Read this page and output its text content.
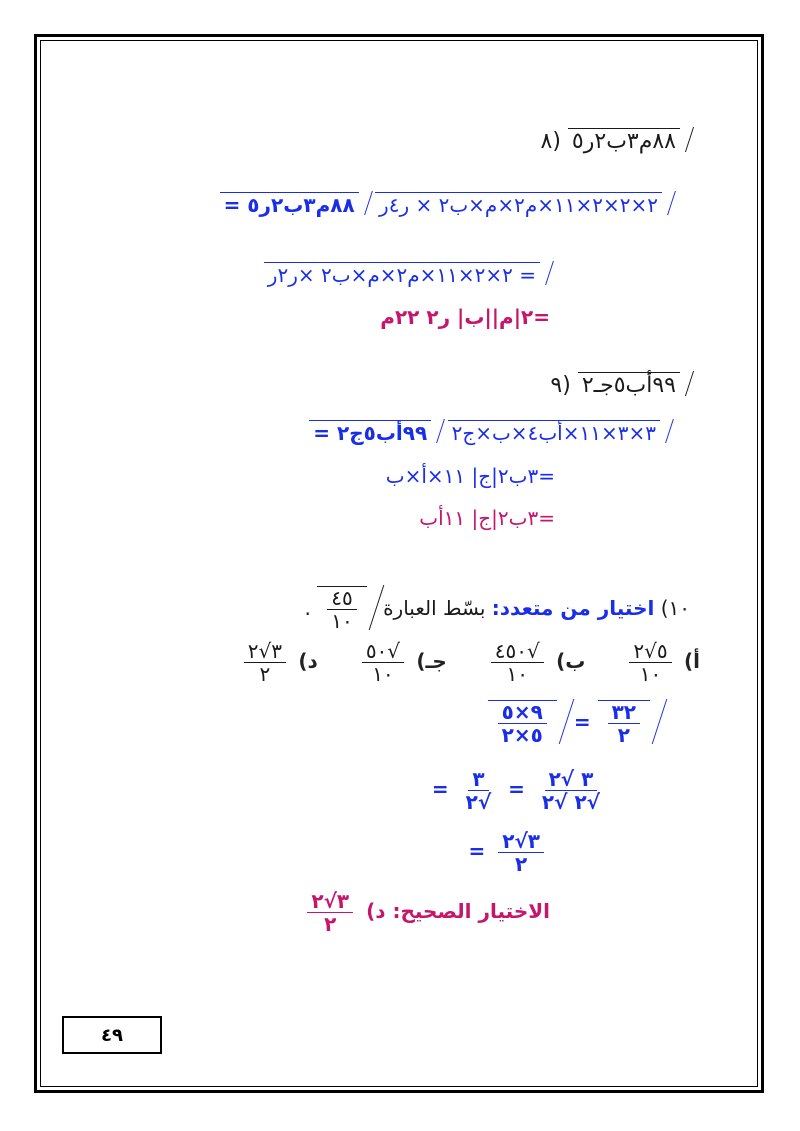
٨) ٨٨م٣ب٢ر٥
٨٨م٣ب٢ر٥ = ٢×٢×٢×١١×م٢×م×ب٢ × ر٤ر
= ٢×٢×١١×م٢×م×ب٢ ×ر٢ر
=٢|م||ب| ر٢ ٢٢م
٩) ٩٩أب٥جـ٢
٩٩أب٥ج٢ = ٣×٣×١١×أب٤×ب×ج٢
=٣ب٢|ج| ١١×أ×ب
=٣ب٢|ج| ١١أب
١٠) اختيار من متعدد: بسّط العبارة
$\frac{٤٥}{١٠}$
.
أ)
$\frac{٥√٢}{١٠}$
ب)
$\frac{√٤٥٠}{١٠}$
جـ)
$\frac{√٥٠}{١٠}$
د)
$\frac{٣√٢}{٢}$
$\frac{٩\times ٥}{٥\times ٢} = \frac{٣٢}{٢}$
= $\frac{٣}{√٢} = \frac{٣ √٢}{√٢ √٢}$
= $\frac{٣√٢}{٢}$
الاختيار الصحيح: د)
$\frac{٣√٢}{٢}$
٤٩
